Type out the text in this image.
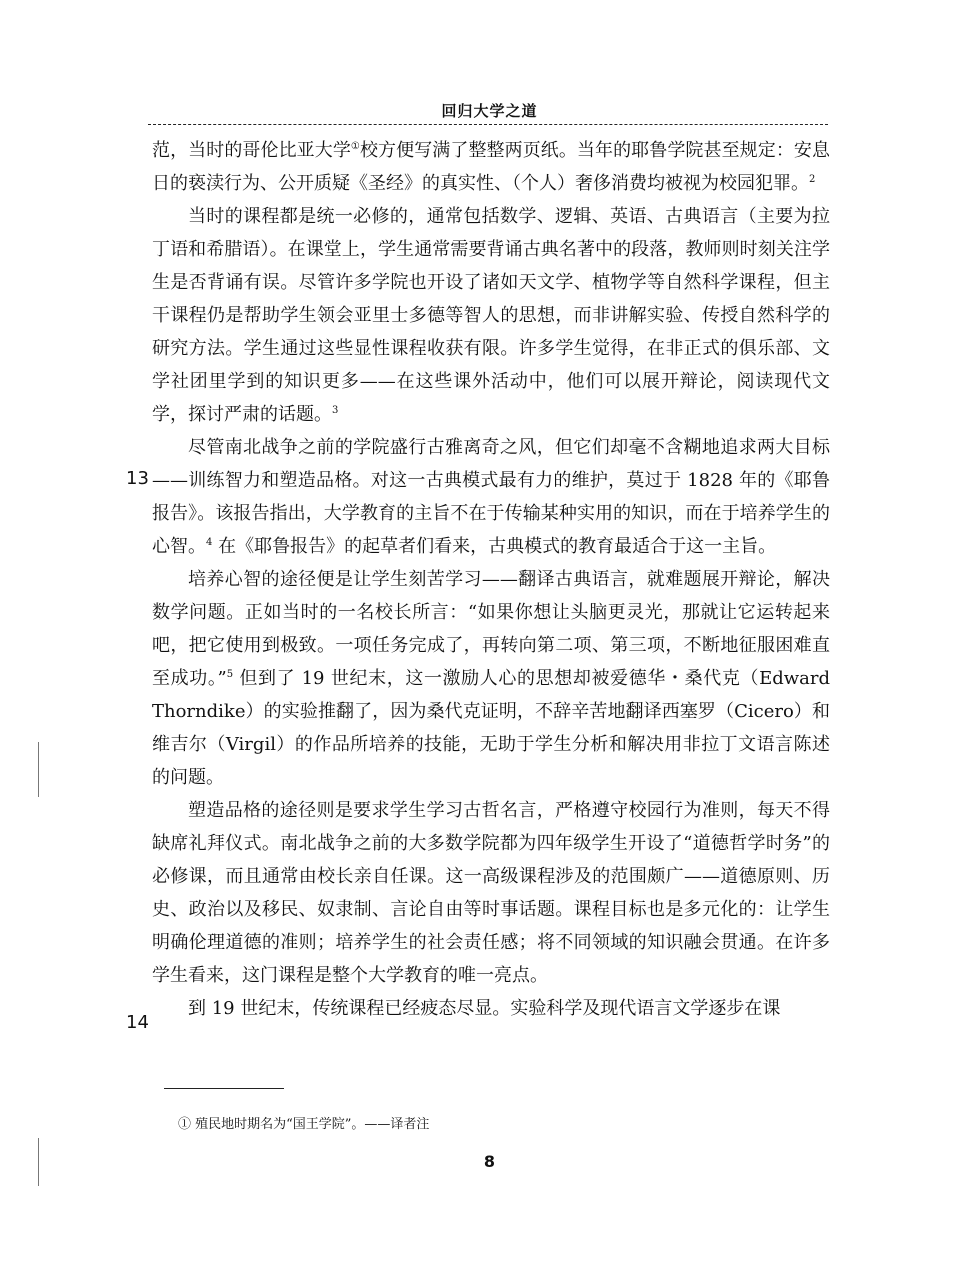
回归大学之道

范，当时的哥伦比亚大学①校方便写满了整整两页纸。当年的耶鲁学院甚至规定：安息日的亵渎行为、公开质疑《圣经》的真实性、（个人）奢侈消费均被视为校园犯罪。$^2$

当时的课程都是统一必修的，通常包括数学、逻辑、英语、古典语言（主要为拉丁语和希腊语）。在课堂上，学生通常需要背诵古典名著中的段落，教师则时刻关注学生是否背诵有误。尽管许多学院也开设了诸如天文学、植物学等自然科学课程，但主干课程仍是帮助学生领会亚里士多德等智人的思想，而非讲解实验、传授自然科学的研究方法。学生通过这些显性课程收获有限。许多学生觉得，在非正式的俱乐部、文学社团里学到的知识更多——在这些课外活动中，他们可以展开辩论，阅读现代文学，探讨严肃的话题。$^3$

尽管南北战争之前的学院盛行古雅离奇之风，但它们却毫不含糊地追求两大目标——训练智力和塑造品格。对这一古典模式最有力的维护，莫过于 1828 年的《耶鲁报告》。该报告指出，大学教育的主旨不在于传输某种实用的知识，而在于培养学生的心智。$^4$ 在《耶鲁报告》的起草者们看来，古典模式的教育最适合于这一主旨。

培养心智的途径便是让学生刻苦学习——翻译古典语言，就难题展开辩论，解决数学问题。正如当时的一名校长所言：“如果你想让头脑更灵光，那就让它运转起来吧，把它使用到极致。一项任务完成了，再转向第二项、第三项，不断地征服困难直至成功。”$^5$ 但到了 19 世纪末，这一激励人心的思想却被爱德华・桑代克（Edward Thorndike）的实验推翻了，因为桑代克证明，不辞辛苦地翻译西塞罗（Cicero）和维吉尔（Virgil）的作品所培养的技能，无助于学生分析和解决用非拉丁文语言陈述的问题。

塑造品格的途径则是要求学生学习古哲名言，严格遵守校园行为准则，每天不得缺席礼拜仪式。南北战争之前的大多数学院都为四年级学生开设了“道德哲学时务”的必修课，而且通常由校长亲自任课。这一高级课程涉及的范围颇广——道德原则、历史、政治以及移民、奴隶制、言论自由等时事话题。课程目标也是多元化的：让学生明确伦理道德的准则；培养学生的社会责任感；将不同领域的知识融会贯通。在许多学生看来，这门课程是整个大学教育的唯一亮点。

到 19 世纪末，传统课程已经疲态尽显。实验科学及现代语言文学逐步在课

13
14
① 殖民地时期名为“国王学院”。——译者注
8
